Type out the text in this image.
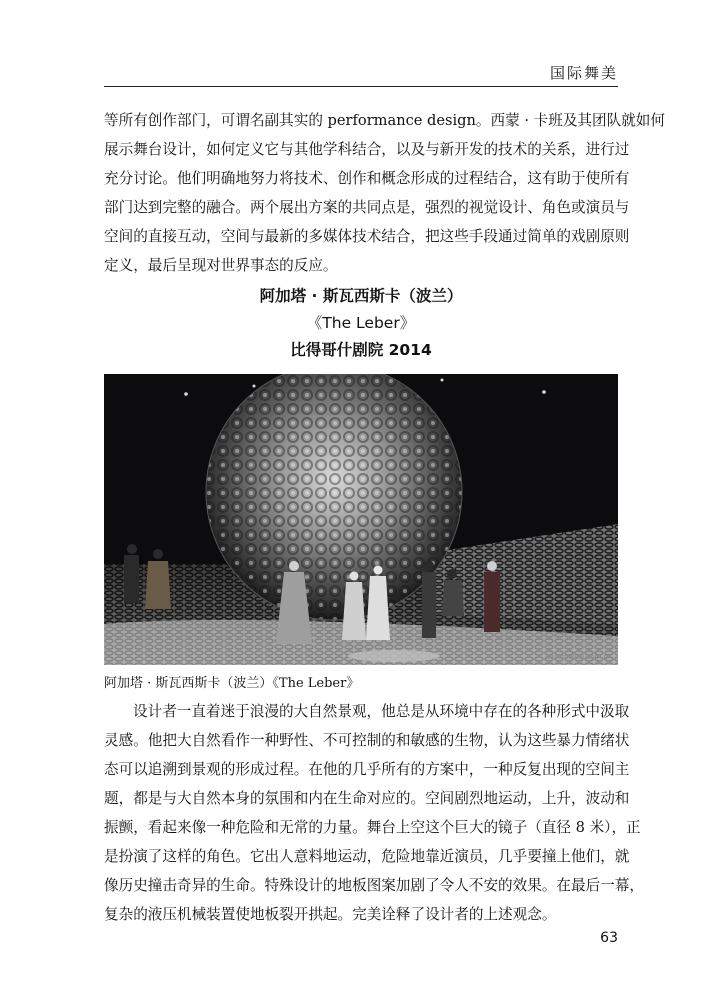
国际舞美

等所有创作部门，可谓名副其实的 performance design。西蒙 · 卡班及其团队就如何

展示舞台设计，如何定义它与其他学科结合，以及与新开发的技术的关系，进行过

充分讨论。他们明确地努力将技术、创作和概念形成的过程结合，这有助于使所有

部门达到完整的融合。两个展出方案的共同点是，强烈的视觉设计、角色或演员与

空间的直接互动，空间与最新的多媒体技术结合，把这些手段通过简单的戏剧原则

定义，最后呈现对世界事态的反应。

阿加塔 · 斯瓦西斯卡（波兰）
《The Leber》
比得哥什剧院 2014
teatrpolski.com.pl
阿加塔 · 斯瓦西斯卡（波兰）《The Leber》

设计者一直着迷于浪漫的大自然景观，他总是从环境中存在的各种形式中汲取

灵感。他把大自然看作一种野性、不可控制的和敏感的生物，认为这些暴力情绪状

态可以追溯到景观的形成过程。在他的几乎所有的方案中，一种反复出现的空间主

题，都是与大自然本身的氛围和内在生命对应的。空间剧烈地运动，上升，波动和

振颤，看起来像一种危险和无常的力量。舞台上空这个巨大的镜子（直径 8 米），正

是扮演了这样的角色。它出人意料地运动，危险地靠近演员，几乎要撞上他们，就

像历史撞击奇异的生命。特殊设计的地板图案加剧了令人不安的效果。在最后一幕，

复杂的液压机械装置使地板裂开拱起。完美诠释了设计者的上述观念。

63
